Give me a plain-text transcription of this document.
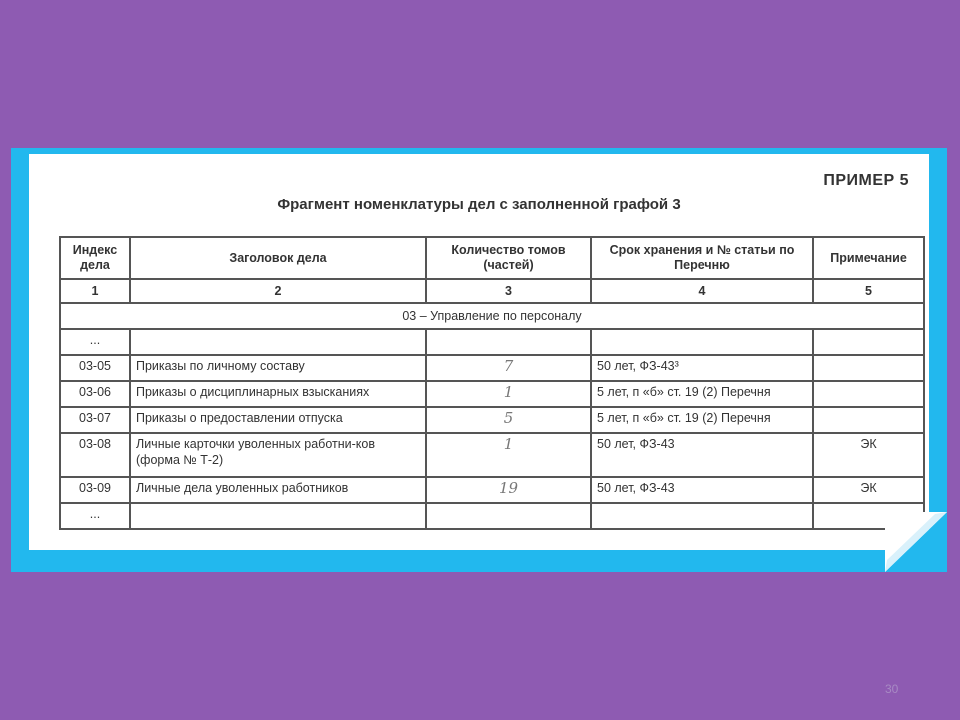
ПРИМЕР 5
Фрагмент номенклатуры дел с заполненной графой 3
Индекс дела	Заголовок дела	Количество томов (частей)	Срок хранения и № статьи по Перечню	Примечание
1	2	3	4	5
03 – Управление по персоналу				
...				
03-05	Приказы по личному составу	7	50 лет, ФЗ-43³	
03-06	Приказы о дисциплинарных взысканиях	1	5 лет, п «б» ст. 19 (2) Перечня	
03-07	Приказы о предоставлении отпуска	5	5 лет, п «б» ст. 19 (2) Перечня	
03-08	Личные карточки уволенных работни-ков (форма № Т-2)	1	50 лет, ФЗ-43	ЭК
03-09	Личные дела уволенных работников	19	50 лет, ФЗ-43	ЭК
...				
30
